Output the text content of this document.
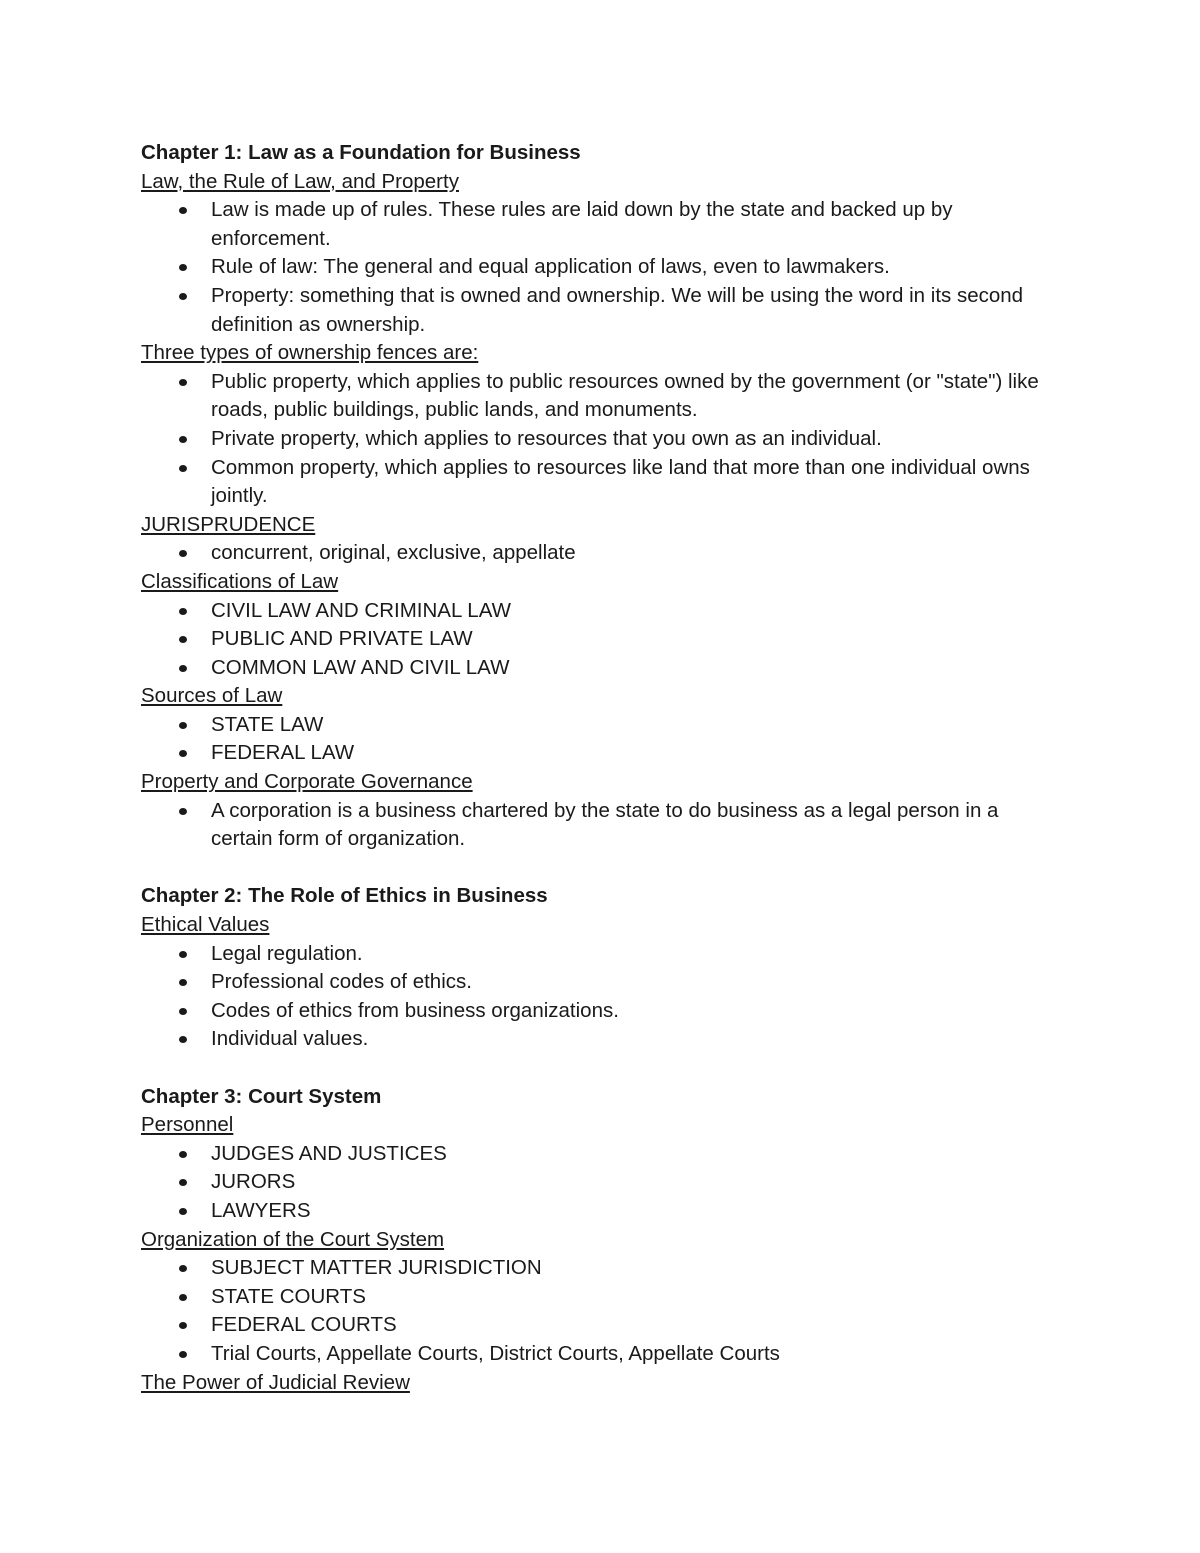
Chapter 1: Law as a Foundation for Business

Law, the Rule of Law, and Property

Law is made up of rules. These rules are laid down by the state and backed up by enforcement.
Rule of law: The general and equal application of laws, even to lawmakers.
Property: something that is owned and ownership. We will be using the word in its second definition as ownership.

Three types of ownership fences are:

Public property, which applies to public resources owned by the government (or "state") like roads, public buildings, public lands, and monuments.
Private property, which applies to resources that you own as an individual.
Common property, which applies to resources like land that more than one individual owns jointly.

JURISPRUDENCE

concurrent, original, exclusive, appellate

Classifications of Law

CIVIL LAW AND CRIMINAL LAW
PUBLIC AND PRIVATE LAW
COMMON LAW AND CIVIL LAW

Sources of Law

STATE LAW
FEDERAL LAW

Property and Corporate Governance

A corporation is a business chartered by the state to do business as a legal person in a certain form of organization.

Chapter 2: The Role of Ethics in Business

Ethical Values

Legal regulation.
Professional codes of ethics.
Codes of ethics from business organizations.
Individual values.

Chapter 3: Court System

Personnel

JUDGES AND JUSTICES
JURORS
LAWYERS

Organization of the Court System

SUBJECT MATTER JURISDICTION
STATE COURTS
FEDERAL COURTS
Trial Courts, Appellate Courts, District Courts, Appellate Courts

The Power of Judicial Review
